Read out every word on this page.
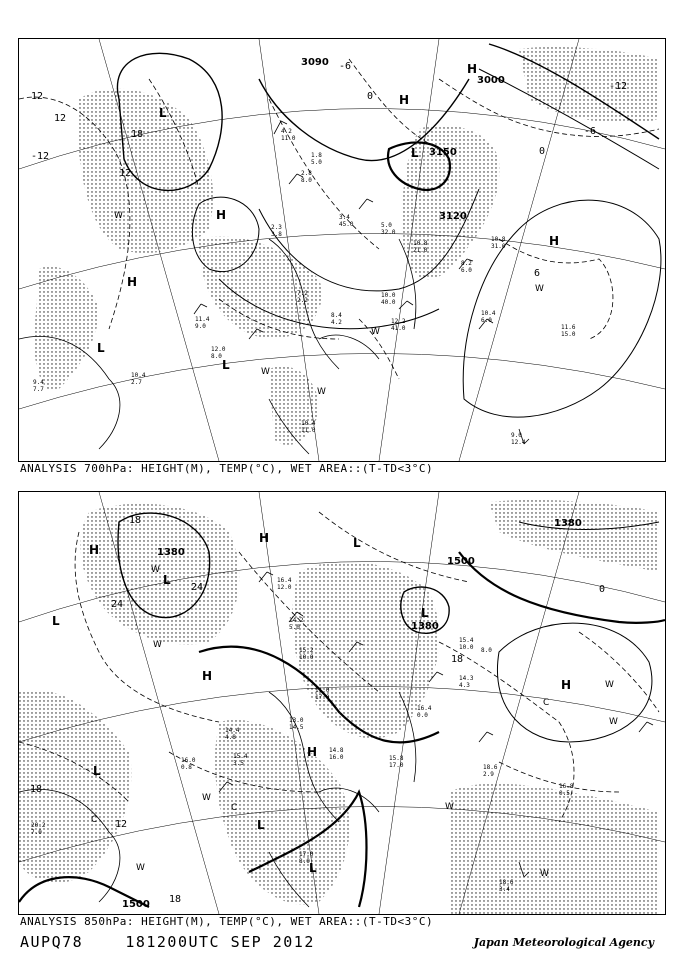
3090
3000
3150
3120
12
18
12
-12
12
-6
-12
6
0
-6
0
H
H
L
L
H
H
L
L
H
W
W
W
W
W
4.2
11.0
1.8
5.0
2.8
8.0
2.3
3.8
3.4
45.0	5.0
32.0
10.8
21.0
10.8
31.0
8.2
6.0
10.0
40.0
12.2
41.0
10.4
6.0
11.6
15.0
12.0
8.0
11.4
9.0
10.4
2.7
9.4
7.7
10.4
11.0
9.0
12.4
7.2
2.2
8.4
4.2
ANALYSIS 700hPa: HEIGHT(M), TEMP(°C), WET AREA::(T-TD<3°C)
1380
1500
1380
1380
1500
18
24
24
18
0
18
18
12
H
L
H	L
L
H
H
L
L
L
H
L
W
W
W
W
W
W
W
W
C
C
C
16.4
12.0
14.2
5.0
15.2
10.0
11.0
17.0
15.4
3.5
16.0
0.8
14.4
4.8
13.0
14.5
14.8
16.0	15.8
17.0
16.4
0.0
18.6
2.9
16.8
0.5
18.6
3.4
20.2
7.0
17.0
8.0
15.4
10.0
14.3
4.3
8.0
ANALYSIS 850hPa: HEIGHT(M), TEMP(°C), WET AREA::(T-TD<3°C)
AUPQ78	181200UTC SEP 2012	Japan Meteorological Agency
